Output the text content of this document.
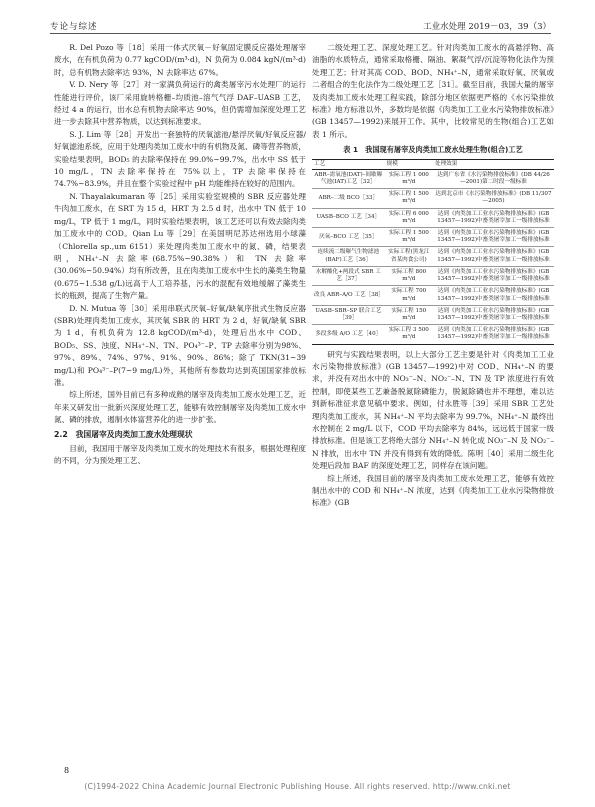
专论与综述	工业水处理 2019－03，39（3）

R. Del Pozo 等［18］采用一体式厌氧－好氧固定膜反应器处理屠宰废水，在有机负荷为 0.77 kgCOD/(m³·d)，N 负荷为 0.084 kgN/(m³·d)时，总有机物去除率达 93%，N 去除率达 67%。

V. D. Nery 等［27］对一家满负荷运行的禽类屠宰污水处理厂的运行性能进行评价，该厂采用旋转格栅–均质池–溶气气浮 DAF–UASB 工艺，经过 4 a 的运行，出水总有机物去除率达 90%，但仍需增加深度处理工艺进一步去除其中营养物质，以达到标准要求。

S. J. Lim 等［28］开发出一套独特的厌氧滤池/悬浮厌氧/好氧反应器/好氧滤池系统，应用于处理肉类加工废水中的有机物及氮、磷等营养物质，实验结果表明，BOD₅ 的去除率保持在 99.0%~99.7%，出水中 SS 低于 10 mg/L，TN 去除率保持在 75%以上，TP 去除率保持在 74.7%~83.9%，并且在整个实验过程中 pH 均能维持在较好的范围内。

N. Thayalakumaran 等［25］采用实验室规模的 SBR 反应器处理牛肉加工废水，在 SRT 为 15 d，HRT 为 2.5 d 时，出水中 TN 低于 10 mg/L，TP 低于 1 mg/L，同时实验结果表明，该工艺还可以有效去除肉类加工废水中的 COD。Qian Lu 等［29］在美国明尼苏达州选用小球藻（Chlorella sp.,um 6151）来处理肉类加工废水中的氮、磷，结果表明，NH₄⁺–N 去除率(68.75%~90.38%）和 TN 去除率(30.06%~50.94%）均有所改善，且在肉类加工废水中生长的藻类生物量(0.675~1.538 g/L)远高于人工培养基，污水的混配有效地缓解了藻类生长的瓶颈，提高了生物产量。

D. N. Mutua 等［30］采用串联式厌氧–好氧/缺氧序批式生物反应器(SBR)处理肉类加工废水，其厌氧 SBR 的 HRT 为 2 d，好氧/缺氧 SBR 为 1 d，有机负荷为 12.8 kgCOD/(m³·d)，处理后出水中 COD、BOD₅、SS、浊度、NH₄⁺–N、TN、PO₄³⁻–P、TP 去除率分别为98%、97%、89%、74%、97%、91%、90%、86%；除了 TKN(31~39 mg/L)和 PO₄³⁻–P(7~9 mg/L)外，其他所有参数均达到英国国家排放标准。

综上所述，国外目前已有多种成熟的屠宰及肉类加工废水处理工艺，近年来又研发出一批新兴深度处理工艺，能够有效控制屠宰及肉类加工废水中氮、磷的排放，遏制水体富营养化的进一步扩张。

2.2　我国屠宰及肉类加工废水处理现状

目前，我国用于屠宰及肉类加工废水的处理技术有很多，根据处理程度的不同，分为预处理工艺、

二级处理工艺、深度处理工艺。针对肉类加工废水的高悬浮物、高油脂的水质特点，通常采取格栅、隔油、絮凝气浮/沉淀等物化法作为预处理工艺；针对其高 COD、BOD、NH₄⁺–N，通常采取好氧、厌氧或二者组合的生化法作为二级处理工艺［31］。截至目前，我国大量的屠宰及肉类加工废水处理工程实践，除部分地区依据更严格的《水污染排放标准》地方标准以外，多数均是依据《肉类加工工业水污染物排放标准》(GB 13457—1992)来展开工作。其中，比较常见的生物(组合)工艺如表 1 所示。

表 1　我国现有屠宰及肉类加工废水处理生物(组合)工艺
工艺	规模	处理效果
ABR–需氧池(DAT)–间歇曝气池(IAT)工艺［32］	实际工程 1 000 m³/d	达到广东省《水污染物排放标准》(DB 44/26—2001)第二时段一级标准
ABR–二级 BCO［33］	实际工程 1 500 m³/d	达到北京市《水污染物排放标准》(DB 11/307—2005)
UASB–BCO 工艺［34］	实际工程 6 000 m³/d	达到《肉类加工工业水污染物排放标准》(GB 13457—1992)中畜类屠宰加工一级排放标准
厌氧–BCO 工艺［35］	实际工程 1 500 m³/d	达到《肉类加工工业水污染物排放标准》(GB 13457—1992)中畜类屠宰加工一级排放标准
连续流二级曝气生物滤池(BAF)工艺［36］	实际工程(黑龙江省某肉食公司)	达到《肉类加工工业水污染物排放标准》(GB 13457—1992)中畜类屠宰加工一级排放标准
水解酸化+两段式 SBR 工艺［37］	实际工程 800 m³/d	达到《肉类加工工业水污染物排放标准》(GB 13457—1992)中畜类屠宰加工一级排放标准
改良 ABR–A/O 工艺［38］	实际工程 700 m³/d	达到《肉类加工工业水污染物排放标准》(GB 13457—1992)中畜类屠宰加工一级排放标准
UASB–SBR–SP 联合工艺［39］	实际工程 150 m³/d	达到《肉类加工工业水污染物排放标准》(GB 13457—1992)中畜类屠宰加工一级排放标准
多段多级 A/O 工艺［40］	实际工程 3 500 m³/d	达到《肉类加工工业水污染物排放标准》(GB 13457—1992)中畜类屠宰加工一级排放标准

研究与实践结果表明，以上大部分工艺主要是针对《肉类加工工业水污染物排放标准》(GB 13457—1992)中对 COD、NH₄⁺–N 的要求，并没有对出水中的 NO₃⁻–N、NO₂⁻–N、TN 及 TP 浓度进行有效控制，即使某些工艺兼备脱氮除磷能力，脱氮除磷也并不理想，难以达到新标准征求意见稿中要求。例如，付永胜等［39］采用 SBR 工艺处理肉类加工废水，其 NH₄⁺–N 平均去除率为 99.7%，NH₄⁺–N 最终出水控制在 2 mg/L 以下，COD 平均去除率为 84%，远远低于国家一级排放标准。但是该工艺将绝大部分 NH₄⁺–N 转化成 NO₃⁻–N 及 NO₂⁻–N 排放，出水中 TN 并没有得到有效的降低。陈明［40］采用二级生化处理后段加 BAF 的深度处理工艺，同样存在该问题。

综上所述，我国目前的屠宰及肉类加工废水处理工艺，能够有效控制出水中的 COD 和 NH₄⁺–N 浓度，达到《肉类加工工业水污染物排放标准》(GB

8
(C)1994-2022 China Academic Journal Electronic Publishing House. All rights reserved. http://www.cnki.net
